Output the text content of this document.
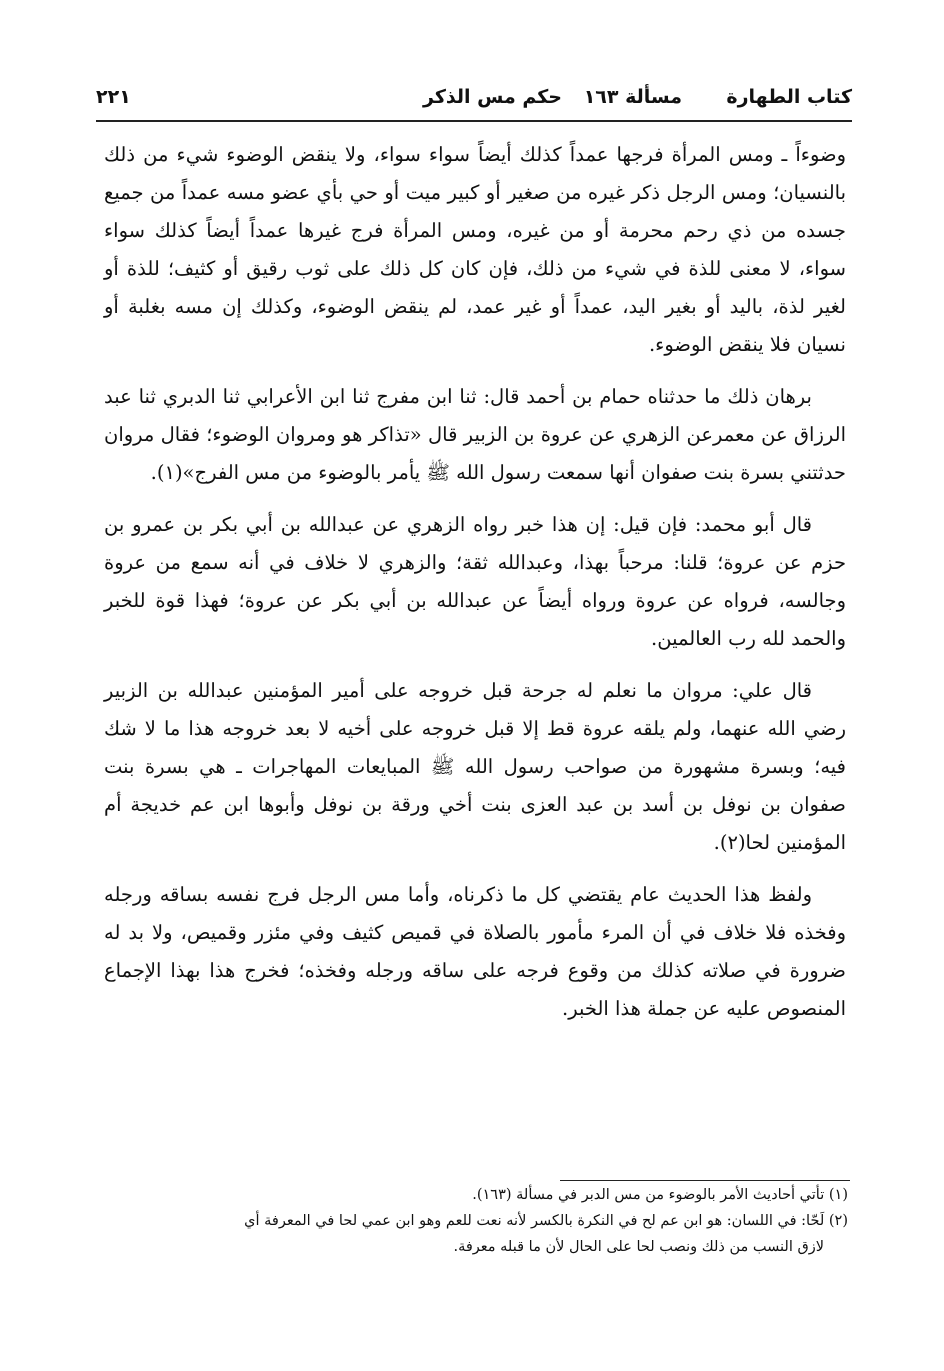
كتاب الطهارة
مسألة ١٦٣
حكم مس الذكر
٢٢١

وضوءاً ـ ومس المرأة فرجها عمداً كذلك أيضاً سواء سواء، ولا ينقض الوضوء شيء من ذلك بالنسيان؛ ومس الرجل ذكر غيره من صغير أو كبير ميت أو حي بأي عضو مسه عمداً من جميع جسده من ذي رحم محرمة أو من غيره، ومس المرأة فرج غيرها عمداً أيضاً كذلك سواء سواء، لا معنى للذة في شيء من ذلك، فإن كان كل ذلك على ثوب رقيق أو كثيف؛ للذة أو لغير لذة، باليد أو بغير اليد، عمداً أو غير عمد، لم ينقض الوضوء، وكذلك إن مسه بغلبة أو نسيان فلا ينقض الوضوء.

برهان ذلك ما حدثناه حمام بن أحمد قال: ثنا ابن مفرج ثنا ابن الأعرابي ثنا الدبري ثنا عبد الرزاق عن معمرعن الزهري عن عروة بن الزبير قال «تذاكر هو ومروان الوضوء؛ فقال مروان حدثتني بسرة بنت صفوان أنها سمعت رسول الله ﷺ يأمر بالوضوء من مس الفرج»(١).

قال أبو محمد: فإن قيل: إن هذا خبر رواه الزهري عن عبدالله بن أبي بكر بن عمرو بن حزم عن عروة؛ قلنا: مرحباً بهذا، وعبدالله ثقة؛ والزهري لا خلاف في أنه سمع من عروة وجالسه، فرواه عن عروة ورواه أيضاً عن عبدالله بن أبي بكر عن عروة؛ فهذا قوة للخبر والحمد لله رب العالمين.

قال علي: مروان ما نعلم له جرحة قبل خروجه على أمير المؤمنين عبدالله بن الزبير رضي الله عنهما، ولم يلقه عروة قط إلا قبل خروجه على أخيه لا بعد خروجه هذا ما لا شك فيه؛ وبسرة مشهورة من صواحب رسول الله ﷺ المبايعات المهاجرات ـ هي بسرة بنت صفوان بن نوفل بن أسد بن عبد العزى بنت أخي ورقة بن نوفل وأبوها ابن عم خديجة أم المؤمنين لحا(٢).

ولفظ هذا الحديث عام يقتضي كل ما ذكرناه، وأما مس الرجل فرج نفسه بساقه ورجله وفخذه فلا خلاف في أن المرء مأمور بالصلاة في قميص كثيف وفي مئزر وقميص، ولا بد له ضرورة في صلاته كذلك من وقوع فرجه على ساقه ورجله وفخذه؛ فخرج هذا بهذا الإجماع المنصوص عليه عن جملة هذا الخبر.

(١) تأتي أحاديث الأمر بالوضوء من مس الدبر في مسألة (١٦٣).

(٢) لَحّا: في اللسان: هو ابن عم لح في النكرة بالكسر لأنه نعت للعم وهو ابن عمي لحا في المعرفة أي

لازق النسب من ذلك ونصب لحا على الحال لأن ما قبله معرفة.
